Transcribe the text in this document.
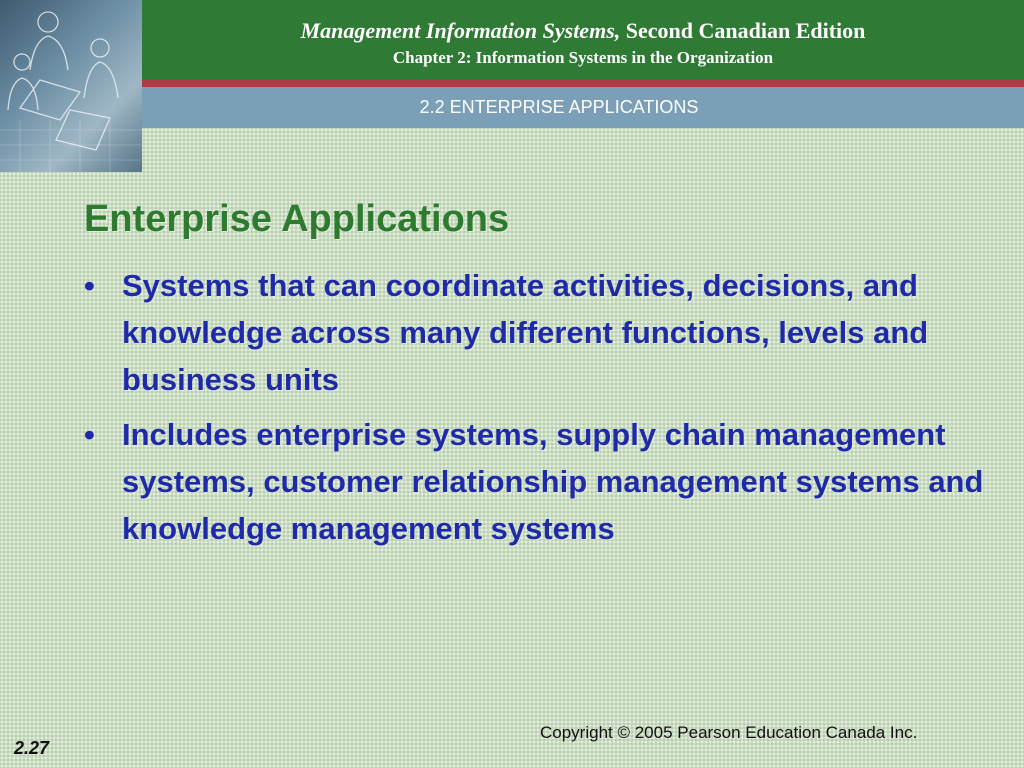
Management Information Systems, Second Canadian Edition
Chapter 2: Information Systems in the Organization
2.2 ENTERPRISE APPLICATIONS
Enterprise Applications
• Systems that can coordinate activities, decisions, and knowledge across many different functions, levels and business units
• Includes enterprise systems, supply chain management systems, customer relationship management systems and knowledge management systems
Copyright © 2005 Pearson Education Canada Inc.
2.27
